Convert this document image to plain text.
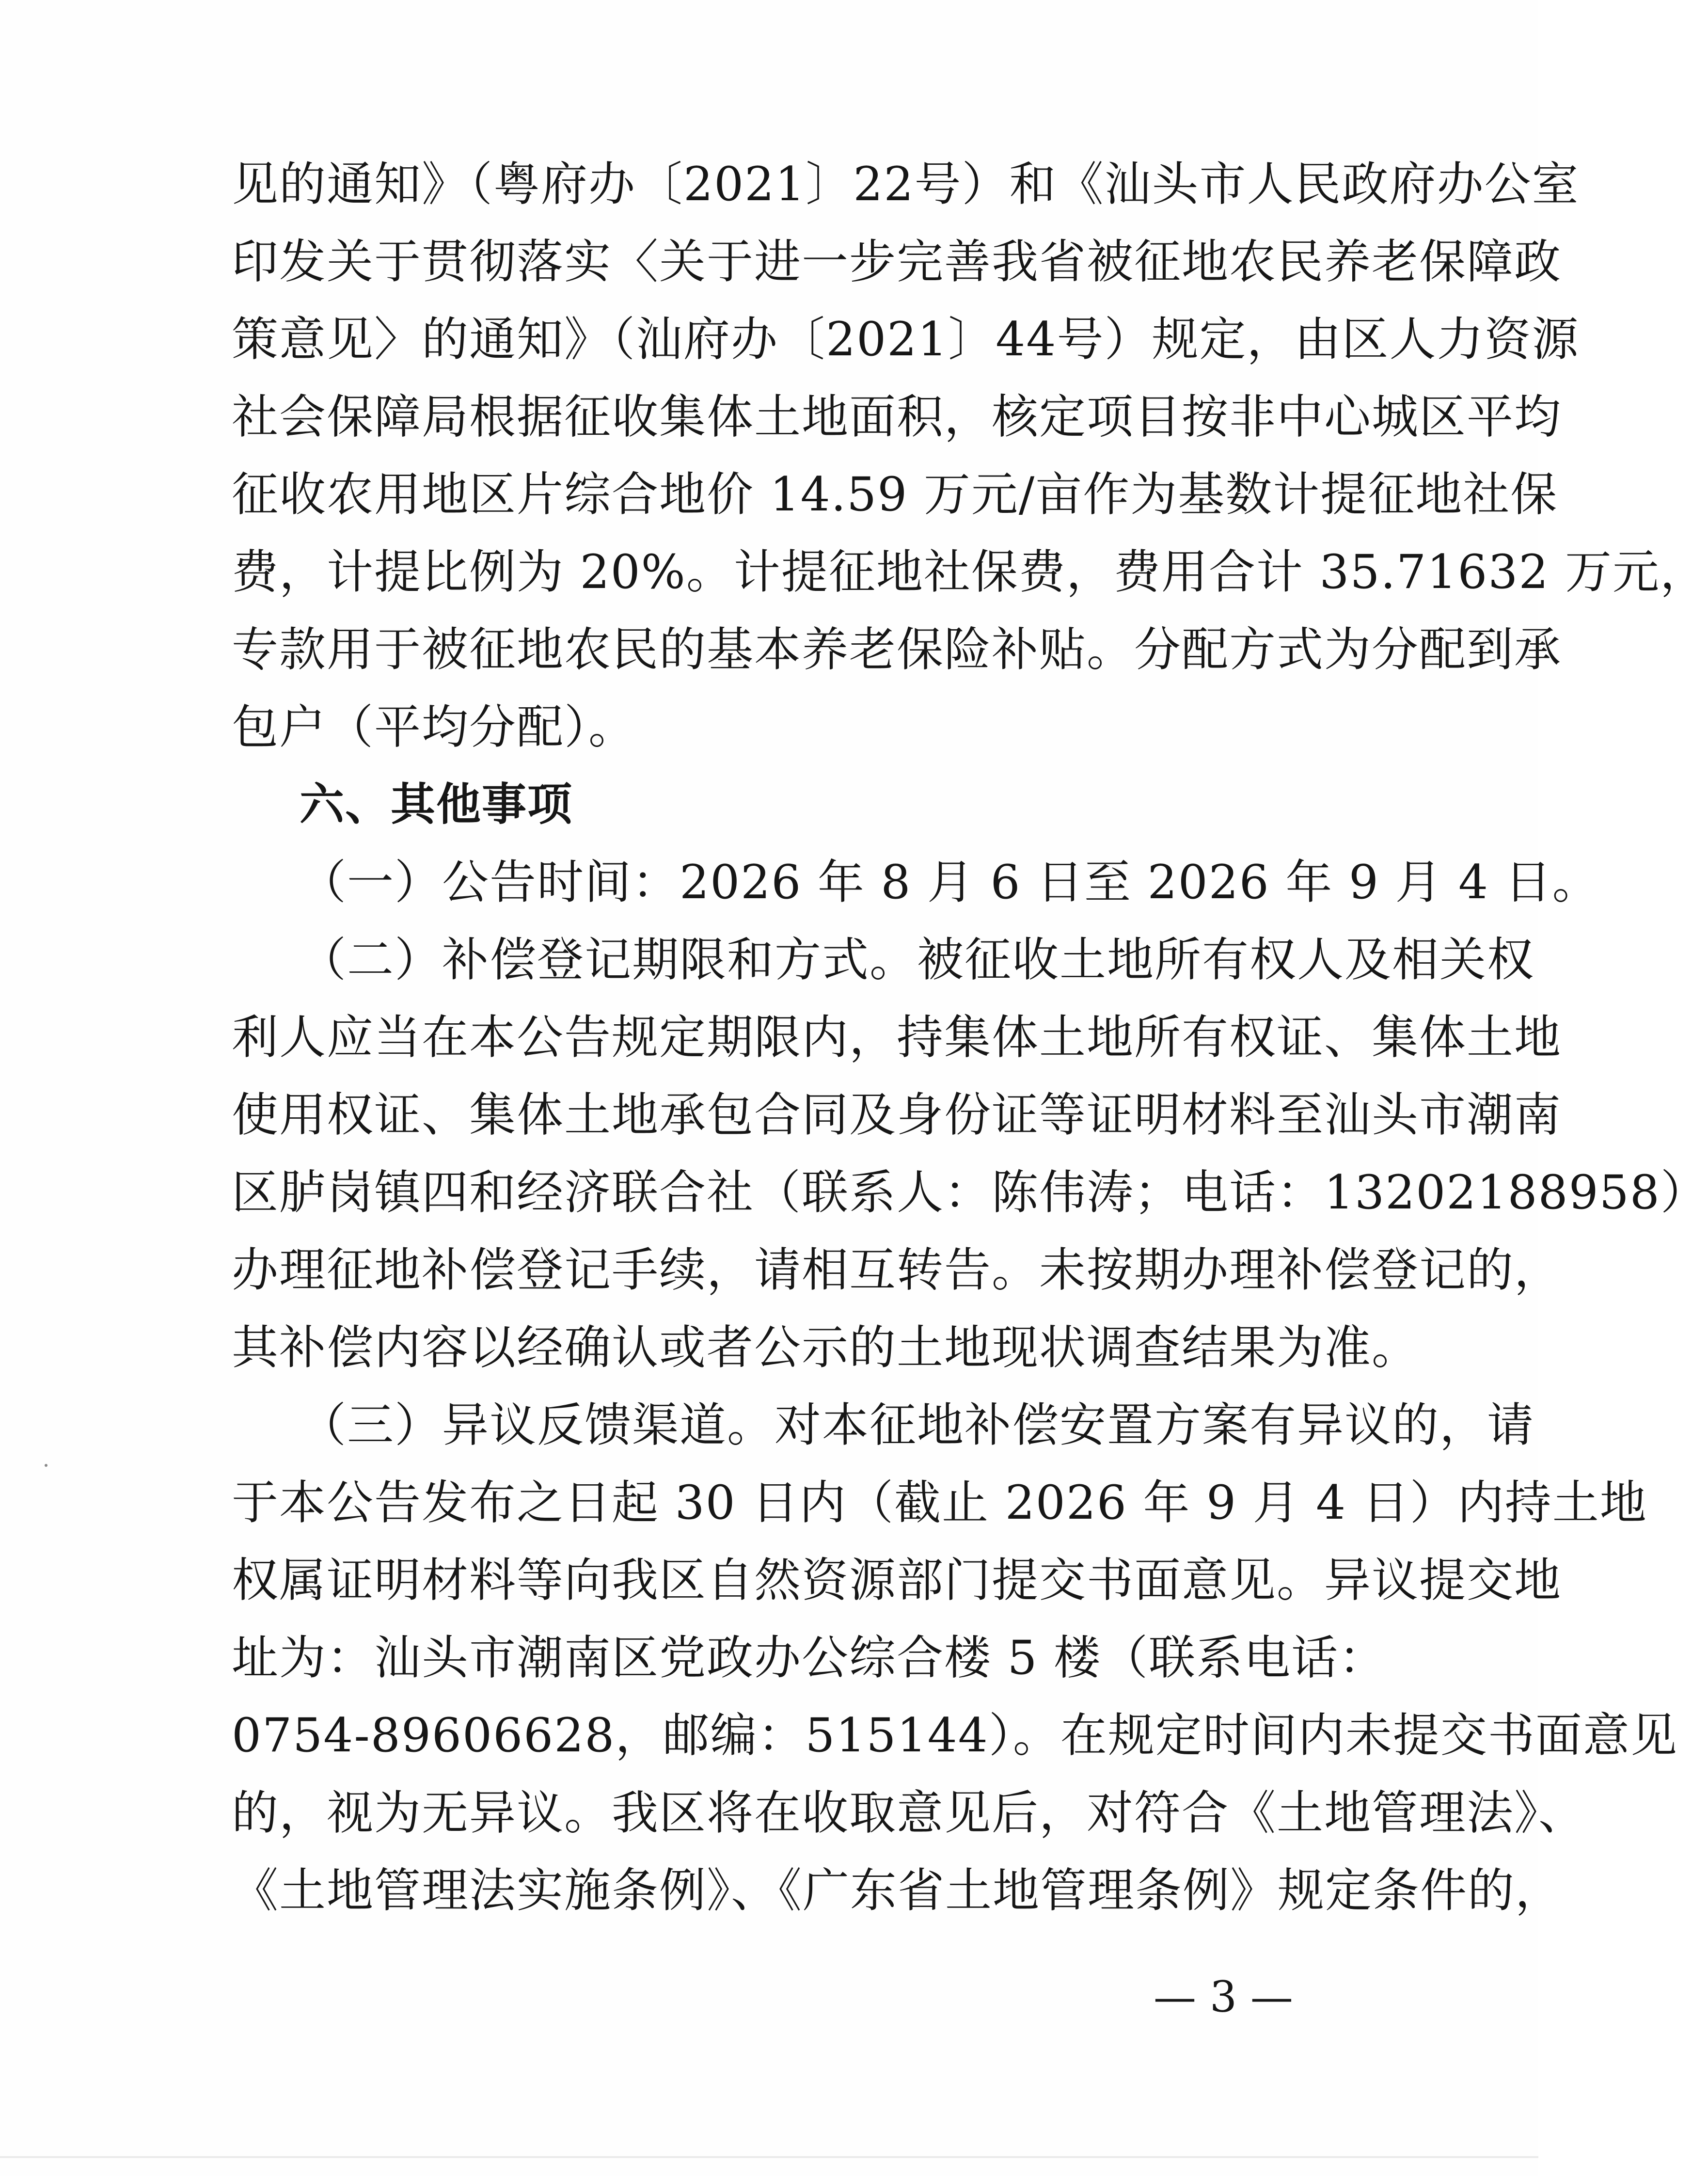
见的通知》（粤府办〔2021〕22号）和《汕头市人民政府办公室
印发关于贯彻落实〈关于进一步完善我省被征地农民养老保障政
策意见〉的通知》（汕府办〔2021〕44号）规定，由区人力资源
社会保障局根据征收集体土地面积，核定项目按非中心城区平均
征收农用地区片综合地价 14.59 万元/亩作为基数计提征地社保
费，计提比例为 20%。计提征地社保费，费用合计 35.71632 万元，
专款用于被征地农民的基本养老保险补贴。分配方式为分配到承
包户（平均分配）。
六、其他事项
（一）公告时间：2026 年 8 月 6 日至 2026 年 9 月 4 日。
（二）补偿登记期限和方式。被征收土地所有权人及相关权
利人应当在本公告规定期限内，持集体土地所有权证、集体土地
使用权证、集体土地承包合同及身份证等证明材料至汕头市潮南
区胪岗镇四和经济联合社（联系人：陈伟涛；电话：13202188958）
办理征地补偿登记手续，请相互转告。未按期办理补偿登记的，
其补偿内容以经确认或者公示的土地现状调查结果为准。
（三）异议反馈渠道。对本征地补偿安置方案有异议的，请
于本公告发布之日起 30 日内（截止 2026 年 9 月 4 日）内持土地
权属证明材料等向我区自然资源部门提交书面意见。异议提交地
址为：汕头市潮南区党政办公综合楼 5 楼（联系电话：
0754-89606628，邮编：515144）。在规定时间内未提交书面意见
的，视为无异议。我区将在收取意见后，对符合《土地管理法》、
《土地管理法实施条例》、《广东省土地管理条例》规定条件的，
— 3 —
